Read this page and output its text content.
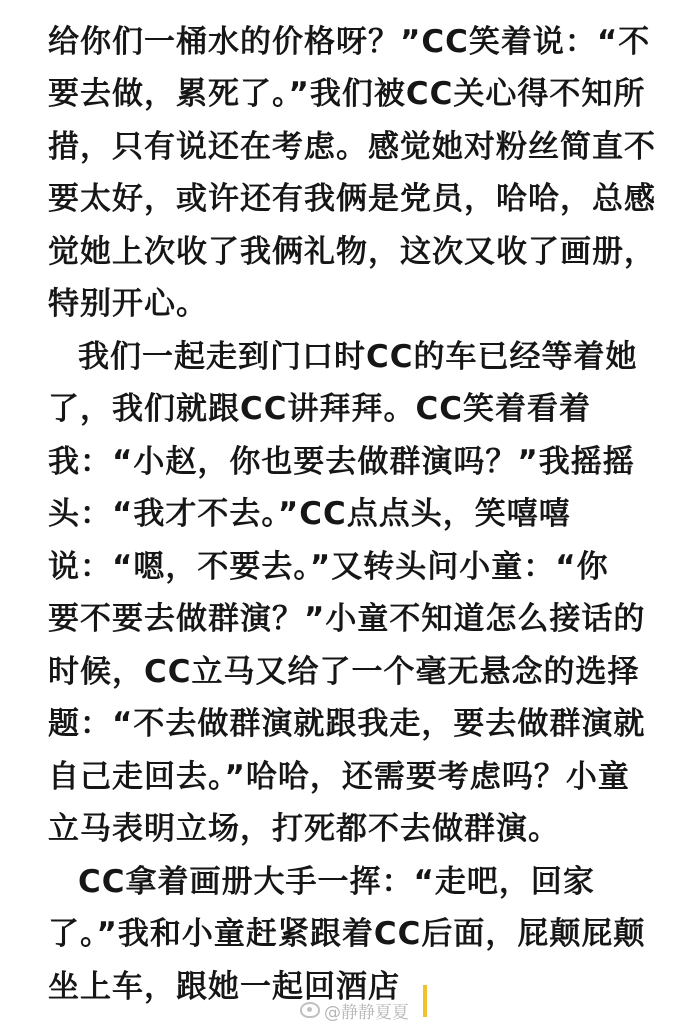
给你们一桶水的价格呀？”CC笑着说：“不
要去做，累死了。”我们被CC关心得不知所
措，只有说还在考虑。感觉她对粉丝简直不
要太好，或许还有我俩是党员，哈哈，总感
觉她上次收了我俩礼物，这次又收了画册，
特别开心。
我们一起走到门口时CC的车已经等着她
了，我们就跟CC讲拜拜。CC笑着看着
我：“小赵，你也要去做群演吗？”我摇摇
头：“我才不去。”CC点点头，笑嘻嘻
说：“嗯，不要去。”又转头问小童：“你
要不要去做群演？”小童不知道怎么接话的
时候，CC立马又给了一个毫无悬念的选择
题：“不去做群演就跟我走，要去做群演就
自己走回去。”哈哈，还需要考虑吗？小童
立马表明立场，打死都不去做群演。
CC拿着画册大手一挥：“走吧，回家
了。”我和小童赶紧跟着CC后面，屁颠屁颠
坐上车，跟她一起回酒店
@静静夏夏
